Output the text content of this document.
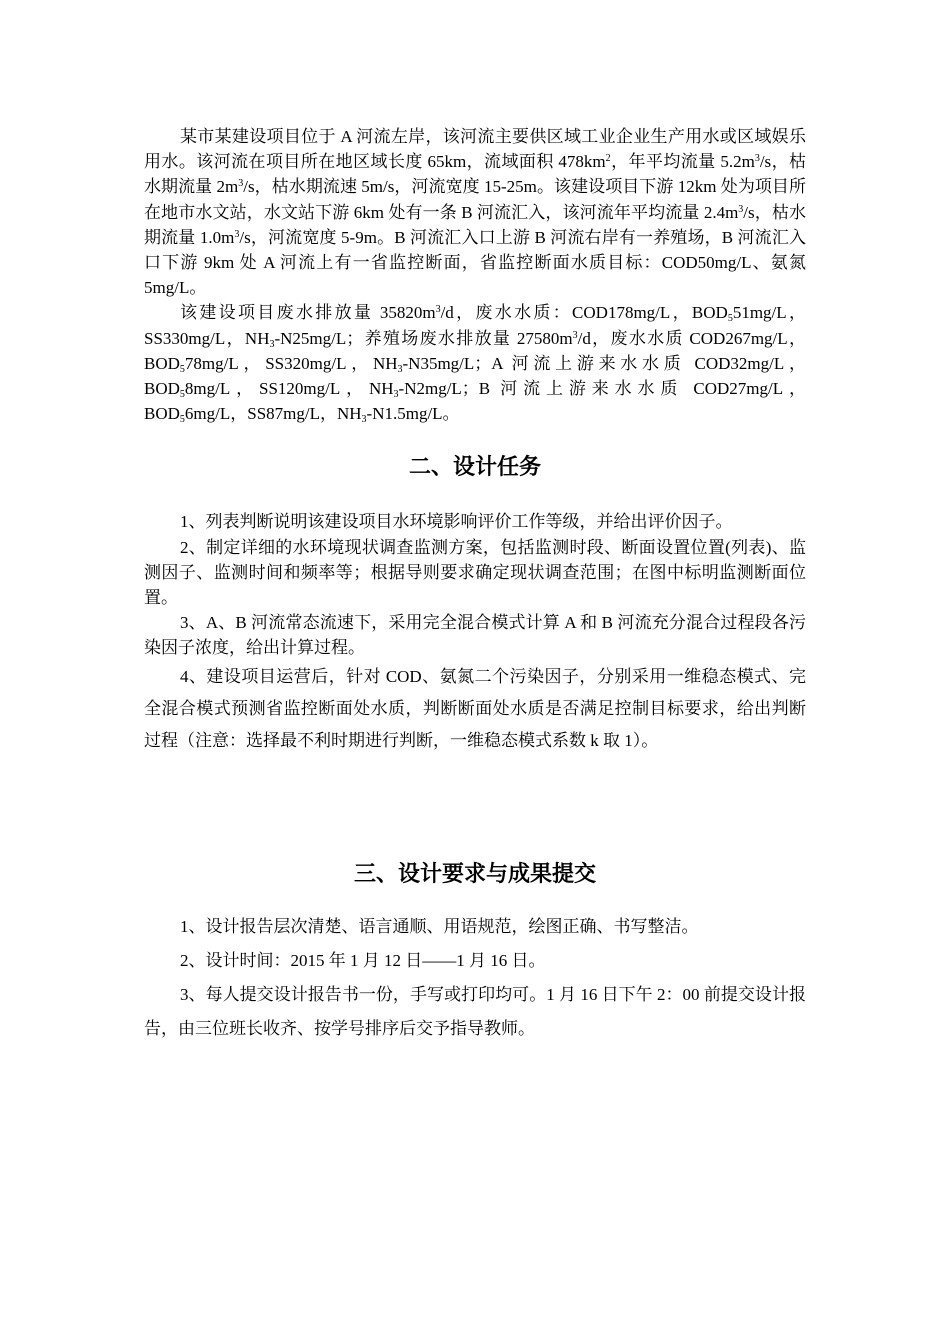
某市某建设项目位于 A 河流左岸，该河流主要供区域工业企业生产用水或区域娱乐用水。该河流在项目所在地区域长度 65km，流域面积 $478km^2$，年平均流量 $5.2m^3/s$，枯水期流量 $2m^3/s$，枯水期流速 5m/s，河流宽度 15-25m。该建设项目下游 12km 处为项目所在地市水文站，水文站下游 6km 处有一条 B 河流汇入，该河流年平均流量 $2.4m^3/s$，枯水期流量 $1.0m^3/s$，河流宽度 5-9m。B 河流汇入口上游 B 河流右岸有一养殖场，B 河流汇入口下游 9km 处 A 河流上有一省监控断面，省监控断面水质目标：COD50mg/L、氨氮 5mg/L。

该建设项目废水排放量 $35820m^3/d$，废水水质：COD178mg/L，$BOD_551mg/L$，SS330mg/L，$NH_3-N25mg/L$；养殖场废水排放量 $27580m^3/d$，废水水质 COD267mg/L，$BOD_578mg/L$，SS320mg/L，$NH_3-N35mg/L$；A 河流上游来水水质 COD32mg/L，$BOD_58mg/L$，SS120mg/L，$NH_3-N2mg/L$；B 河流上游来水水质 COD27mg/L，$BOD_56mg/L$，SS87mg/L，$NH_3-N1.5mg/L$。

二、设计任务

1、列表判断说明该建设项目水环境影响评价工作等级，并给出评价因子。

2、制定详细的水环境现状调查监测方案，包括监测时段、断面设置位置(列表)、监测因子、监测时间和频率等；根据导则要求确定现状调查范围；在图中标明监测断面位置。

3、A、B 河流常态流速下，采用完全混合模式计算 A 和 B 河流充分混合过程段各污染因子浓度，给出计算过程。

4、建设项目运营后，针对 COD、氨氮二个污染因子，分别采用一维稳态模式、完全混合模式预测省监控断面处水质，判断断面处水质是否满足控制目标要求，给出判断过程（注意：选择最不利时期进行判断，一维稳态模式系数 k 取 1）。

三、设计要求与成果提交

1、设计报告层次清楚、语言通顺、用语规范，绘图正确、书写整洁。

2、设计时间：2015 年 1 月 12 日——1 月 16 日。

3、每人提交设计报告书一份，手写或打印均可。1 月 16 日下午 2：00 前提交设计报告，由三位班长收齐、按学号排序后交予指导教师。
